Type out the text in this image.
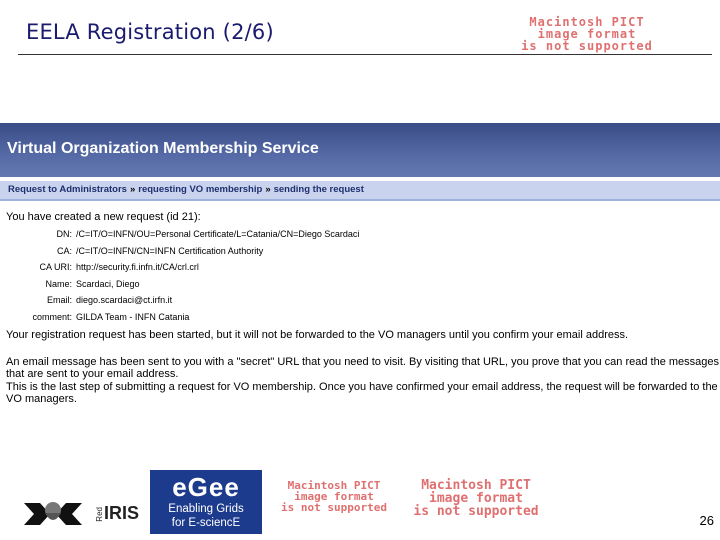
EELA Registration (2/6)	Macintosh PICT
image format
is not supported
Virtual Organization Membership Service
Request to Administrators » requesting VO membership » sending the request

You have created a new request (id 21):

DN: /C=IT/O=INFN/OU=Personal Certificate/L=Catania/CN=Diego Scardaci
CA: /C=IT/O=INFN/CN=INFN Certification Authority
CA URI: http://security.fi.infn.it/CA/crl.crl
Name: Scardaci, Diego
Email: diego.scardaci@ct.irfn.it
comment: GILDA Team - INFN Catania

Your registration request has been started, but it will not be forwarded to the VO managers until you confirm your email address.

An email message has been sent to you with a "secret" URL that you need to visit. By visiting that URL, you prove that you can read the messages that are sent to your email address.

This is the last step of submitting a request for VO membership. Once you have confirmed your email address, the request will be forwarded to the VO managers.

RedIRIS
eGee
Enabling Grids
for E-sciencE
Macintosh PICT
image format
is not supported
Macintosh PICT
image format
is not supported
26
